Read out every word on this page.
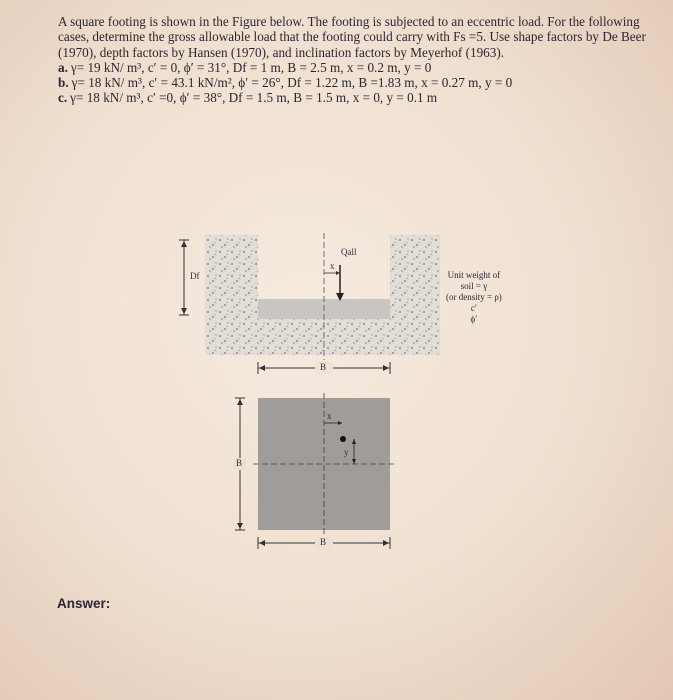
A square footing is shown in the Figure below. The footing is subjected to an eccentric load. For the following cases, determine the gross allowable load that the footing could carry with Fs =5. Use shape factors by De Beer (1970), depth factors by Hansen (1970), and inclination factors by Meyerhof (1963).

a. γ= 19 kN/ m³, c′ = 0, ϕ′ = 31°, Df = 1 m, B = 2.5 m, x = 0.2 m, y = 0
b. γ= 18 kN/ m³, c′ = 43.1 kN/m², ϕ′ = 26°, Df = 1.22 m, B =1.83 m, x = 0.27 m, y = 0
c. γ= 18 kN/ m³, c′ =0, ϕ′ = 38°, Df = 1.5 m, B = 1.5 m, x = 0, y = 0.1 m
Qall
x
Df
B
Unit weight of
soil = γ
(or density = ρ)
c′
ϕ′
x
y
B
B
Answer:
